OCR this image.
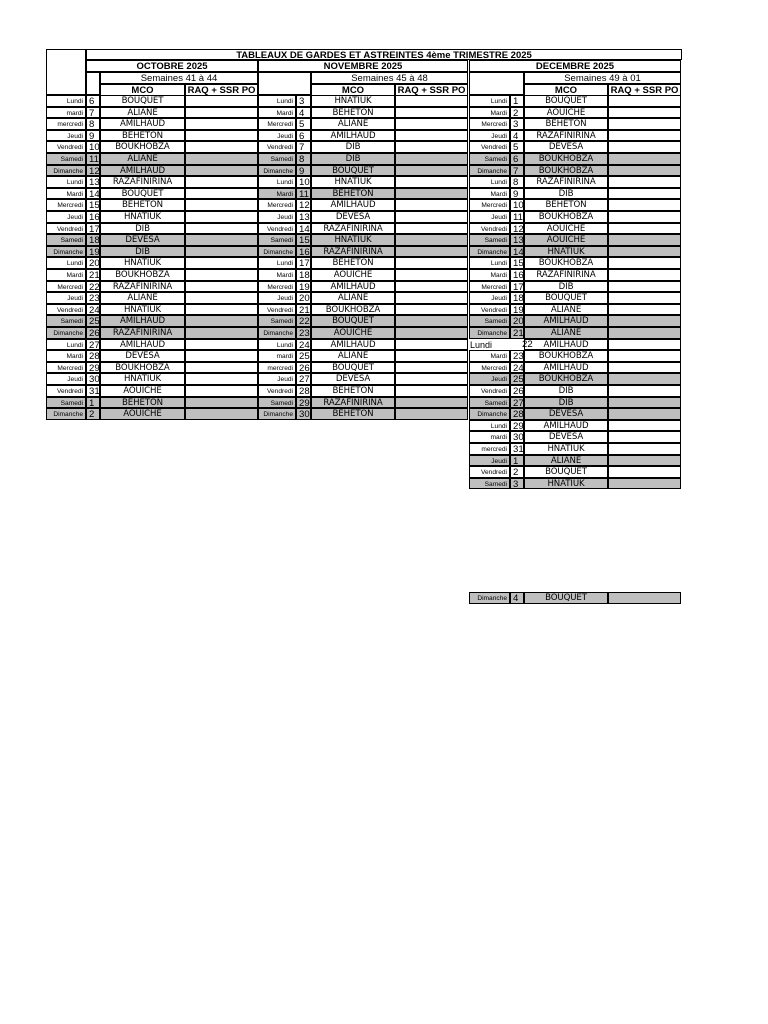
TABLEAUX DE GARDES ET ASTREINTES 4ème TRIMESTRE 2025
OCTOBRE 2025
Semaines 41 à 44
MCO	RAQ + SSR PO
Lundi 6	BOUQUET
mardi 7	ALIANE
mercredi 8	AMILHAUD
Jeudi 9	BEHETON
Vendredi 10	BOUKHOBZA
Samedi 11	ALIANE
Dimanche 12	AMILHAUD
Lundi 13	RAZAFINIRINA
Mardi 14	BOUQUET
Mercredi 15	BEHETON
Jeudi 16	HNATIUK
Vendredi 17	DIB
Samedi 18	DEVESA
Dimanche 19	DIB
Lundi 20	HNATIUK
Mardi 21	BOUKHOBZA
Mercredi 22	RAZAFINIRINA
Jeudi 23	ALIANE
Vendredi 24	HNATIUK
Samedi 25	AMILHAUD
Dimanche 26	RAZAFINIRINA
Lundi 27	AMILHAUD
Mardi 28	DEVESA
Mercredi 29	BOUKHOBZA
Jeudi 30	HNATIUK
Vendredi 31	AOUICHE
Samedi 1	BEHETON
Dimanche 2	AOUICHE
NOVEMBRE 2025
Semaines 45 à 48
MCO	RAQ + SSR PO
Lundi 3	HNATIUK
Mardi 4	BEHETON
Mercredi 5	ALIANE
Jeudi 6	AMILHAUD
Vendredi 7	DIB
Samedi 8	DIB
Dimanche 9	BOUQUET
Lundi 10	HNATIUK
Mardi 11	BEHETON
Mercredi 12	AMILHAUD
Jeudi 13	DEVESA
Vendredi 14	RAZAFINIRINA
Samedi 15	HNATIUK
Dimanche 16	RAZAFINIRINA
Lundi 17	BEHETON
Mardi 18	AOUICHE
Mercredi 19	AMILHAUD
Jeudi 20	ALIANE
Vendredi 21	BOUKHOBZA
Samedi 22	BOUQUET
Dimanche 23	AOUICHE
Lundi 24	AMILHAUD
mardi 25	ALIANE
mercredi 26	BOUQUET
Jeudi 27	DEVESA
Vendredi 28	BEHETON
Samedi 29	RAZAFINIRINA
Dimanche 30	BEHETON
DECEMBRE 2025
Semaines 49 à 01
MCO	RAQ + SSR PO
Lundi 1	BOUQUET
Mardi 2	AOUICHE
Mercredi 3	BEHETON
Jeudi 4	RAZAFINIRINA
Vendredi 5	DEVESA
Samedi 6	BOUKHOBZA
Dimanche 7	BOUKHOBZA
Lundi 8	RAZAFINIRINA
Mardi 9	DIB
Mercredi 10	BEHETON
Jeudi 11	BOUKHOBZA
Vendredi 12	AOUICHE
Samedi 13	AOUICHE
Dimanche 14	HNATIUK
Lundi 15	BOUKHOBZA
Mardi 16	RAZAFINIRINA
Mercredi 17	DIB
Jeudi 18	BOUQUET
Vendredi 19	ALIANE
Samedi 20	AMILHAUD
Dimanche 21	ALIANE
Lundi	22	AMILHAUD
Mardi 23	BOUKHOBZA
Mercredi 24	AMILHAUD
Jeudi 25	BOUKHOBZA
Vendredi 26	DIB
Samedi 27	DIB
Dimanche 28	DEVESA
Lundi 29	AMILHAUD
mardi 30	DEVESA
mercredi 31	HNATIUK
Jeudi 1	ALIANE
Vendredi 2	BOUQUET
Samedi 3	HNATIUK
Dimanche 4	BOUQUET
